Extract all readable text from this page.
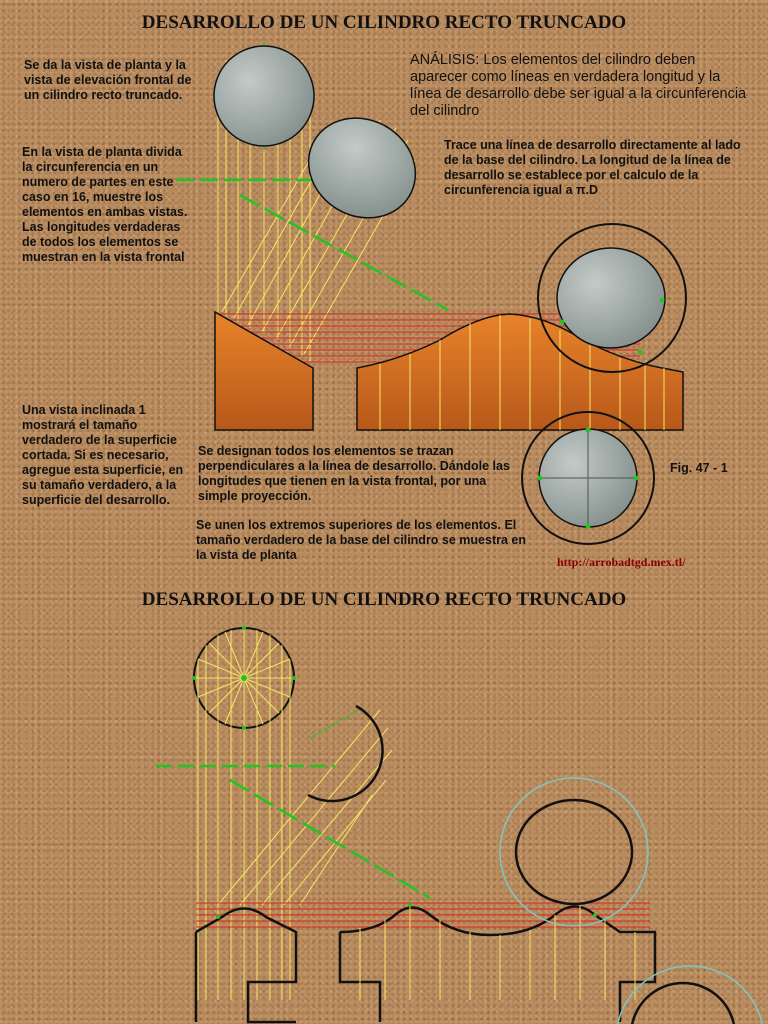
DESARROLLO DE UN CILINDRO RECTO TRUNCADO

Se da la vista de planta y la vista de elevación frontal de un cilindro recto truncado.

En la vista de planta divida la circunferencia en un numero de partes en este caso en 16, muestre los elementos en ambas vistas. Las longitudes verdaderas de todos los elementos se muestran en la vista frontal

Una vista inclinada 1 mostrará el tamaño verdadero de la superficie cortada. Si es necesario, agregue esta superficie, en su tamaño verdadero, a la superficie del desarrollo.

ANÁLISIS: Los elementos del cilindro deben aparecer como líneas en verdadera longitud y la línea de desarrollo debe ser igual a la circunferencia del cilindro

Trace una línea de desarrollo directamente al lado de la base del cilindro. La longitud de la línea de desarrollo se establece por el calculo de la circunferencia igual a π.D

Se designan todos los elementos se trazan perpendiculares a la línea de desarrollo. Dándole las longitudes que tienen en la vista frontal, por una simple proyección.

Se unen los extremos superiores de los elementos. El tamaño verdadero de la base del cilindro se muestra en la vista de planta

Fig. 47 - 1

http://arrobadtgd.mex.tl/
DESARROLLO DE UN CILINDRO RECTO TRUNCADO
